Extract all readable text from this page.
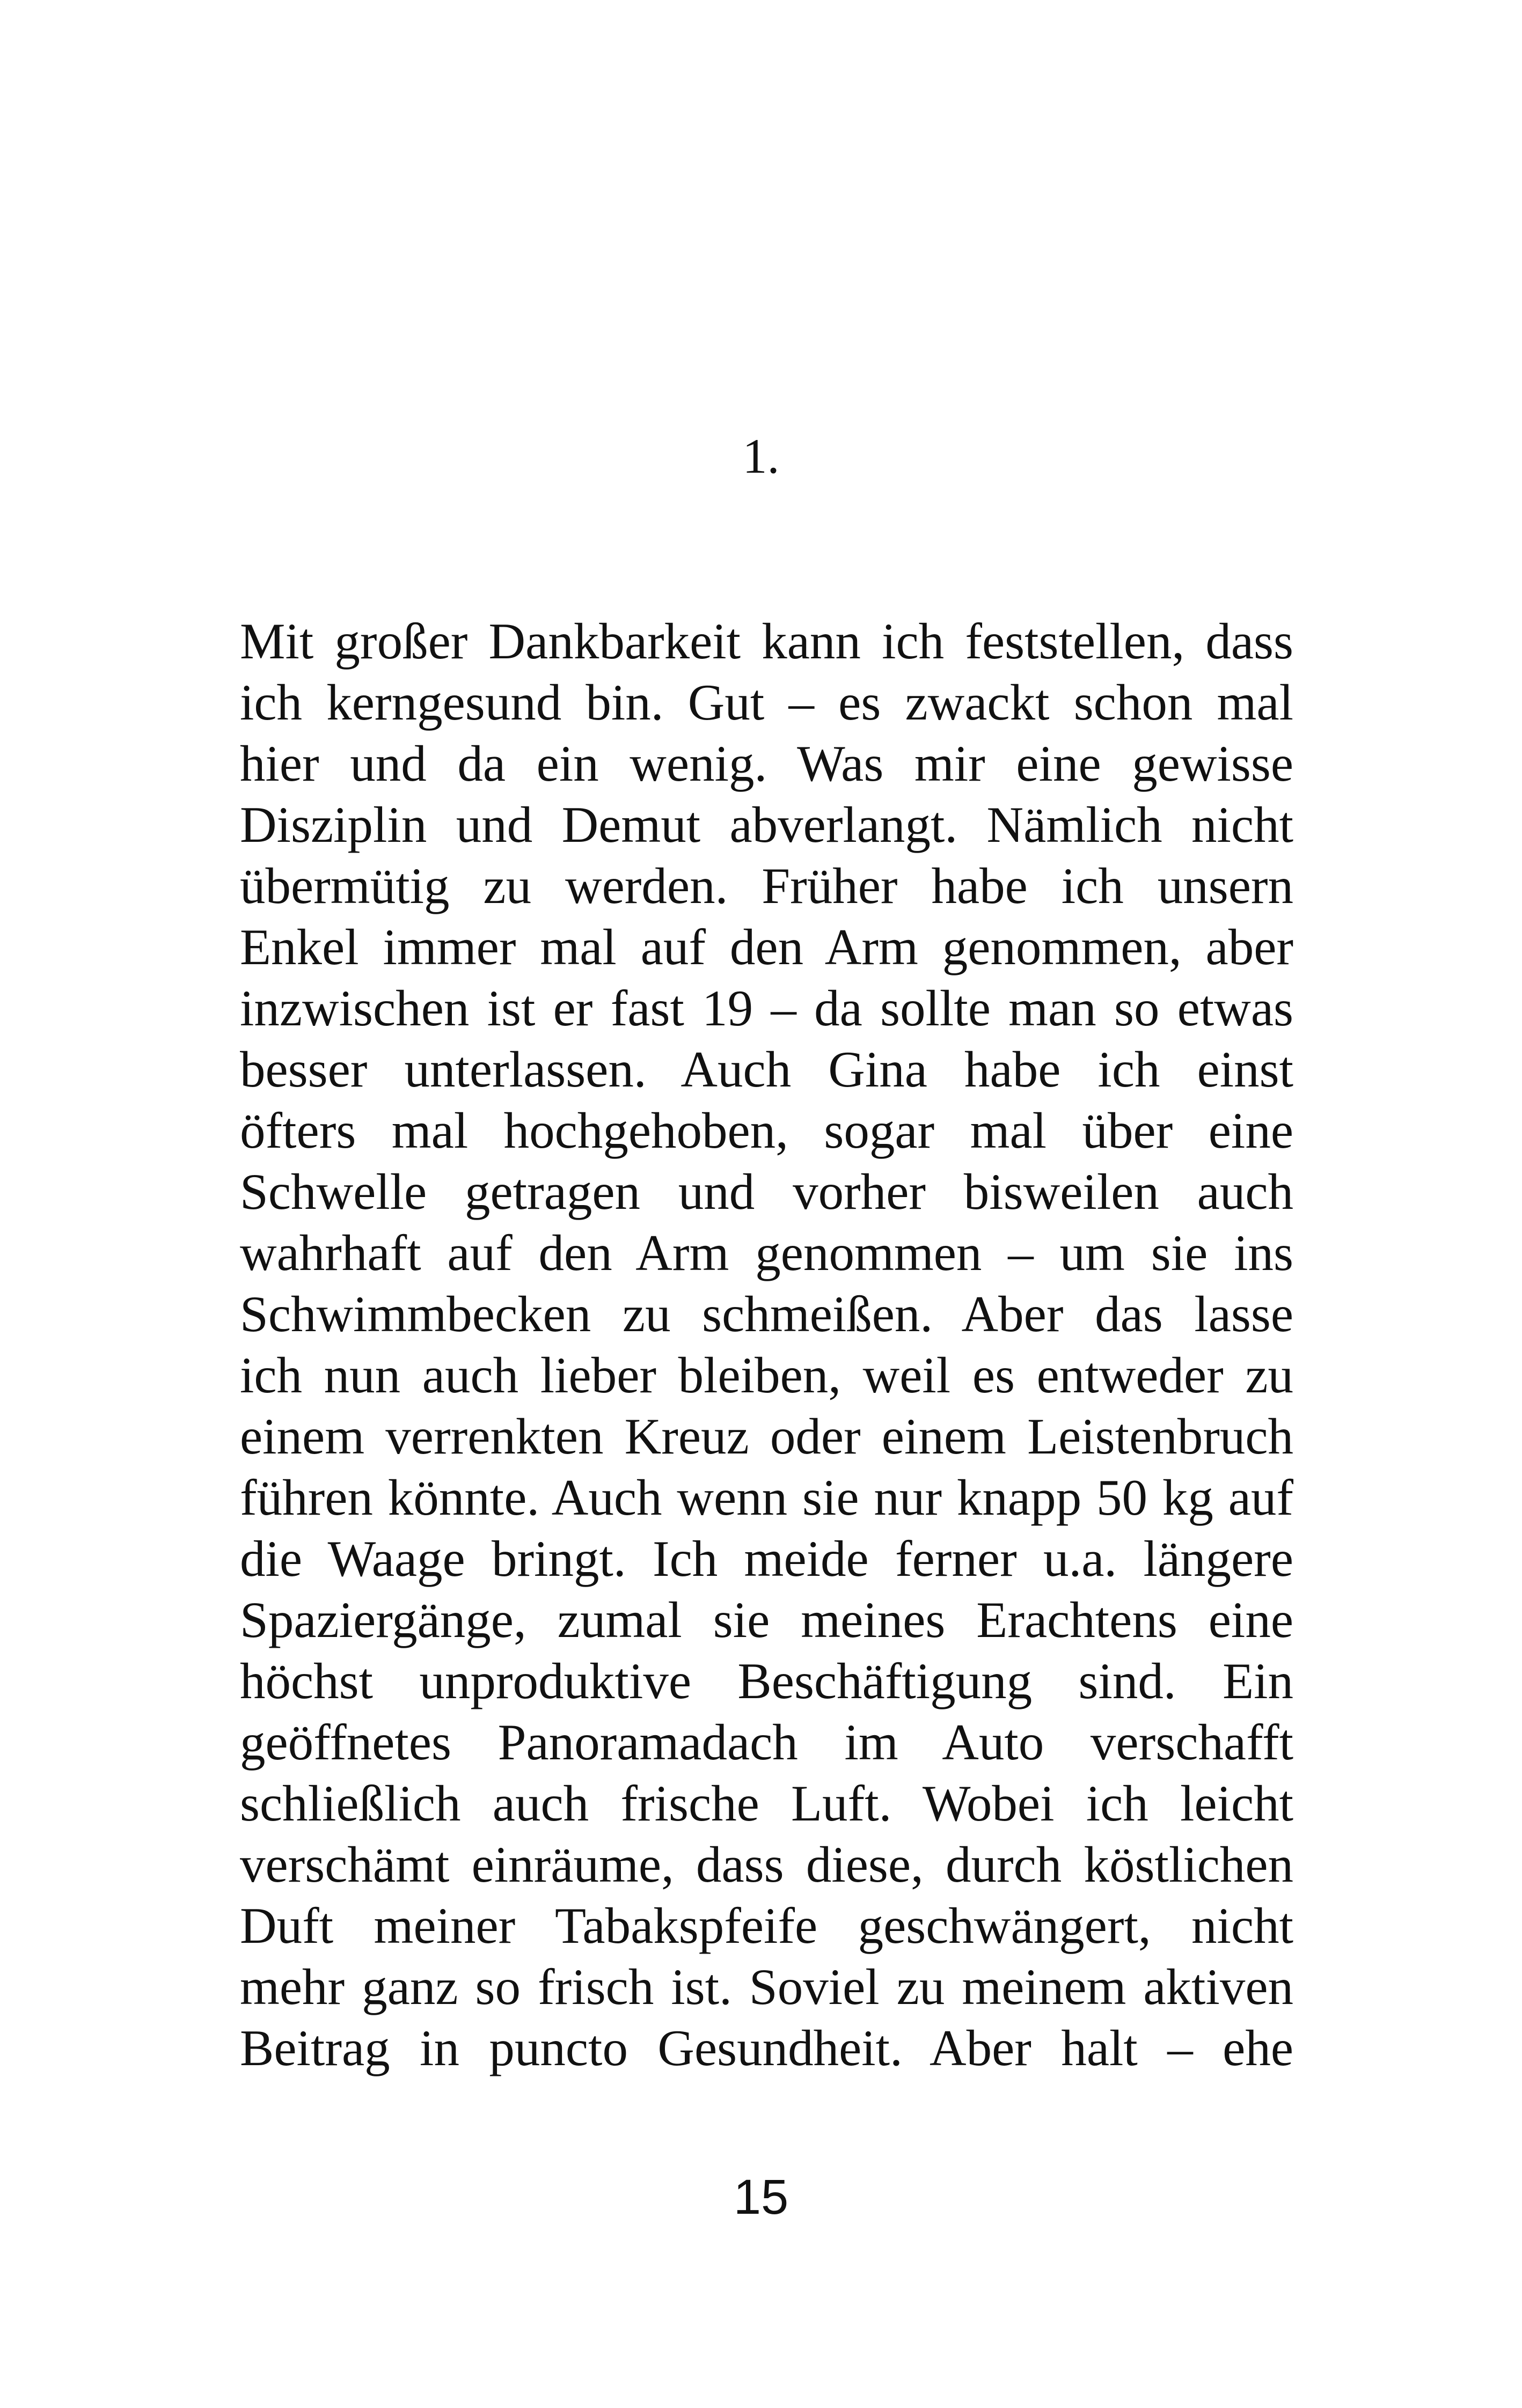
1.
Mit großer Dankbarkeit kann ich feststellen, dass
ich kerngesund bin. Gut – es zwackt schon mal
hier und da ein wenig. Was mir eine gewisse
Disziplin und Demut abverlangt. Nämlich nicht
übermütig zu werden. Früher habe ich unsern
Enkel immer mal auf den Arm genommen, aber
inzwischen ist er fast 19 – da sollte man so etwas
besser unterlassen. Auch Gina habe ich einst
öfters mal hochgehoben, sogar mal über eine
Schwelle getragen und vorher bisweilen auch
wahrhaft auf den Arm genommen – um sie ins
Schwimmbecken zu schmeißen. Aber das lasse
ich nun auch lieber bleiben, weil es entweder zu
einem verrenkten Kreuz oder einem Leistenbruch
führen könnte. Auch wenn sie nur knapp 50 kg auf
die Waage bringt. Ich meide ferner u.a. längere
Spaziergänge, zumal sie meines Erachtens eine
höchst unproduktive Beschäftigung sind. Ein
geöffnetes Panoramadach im Auto verschafft
schließlich auch frische Luft. Wobei ich leicht
verschämt einräume, dass diese, durch köstlichen
Duft meiner Tabakspfeife geschwängert, nicht
mehr ganz so frisch ist. Soviel zu meinem aktiven
Beitrag in puncto Gesundheit. Aber halt – ehe
15
